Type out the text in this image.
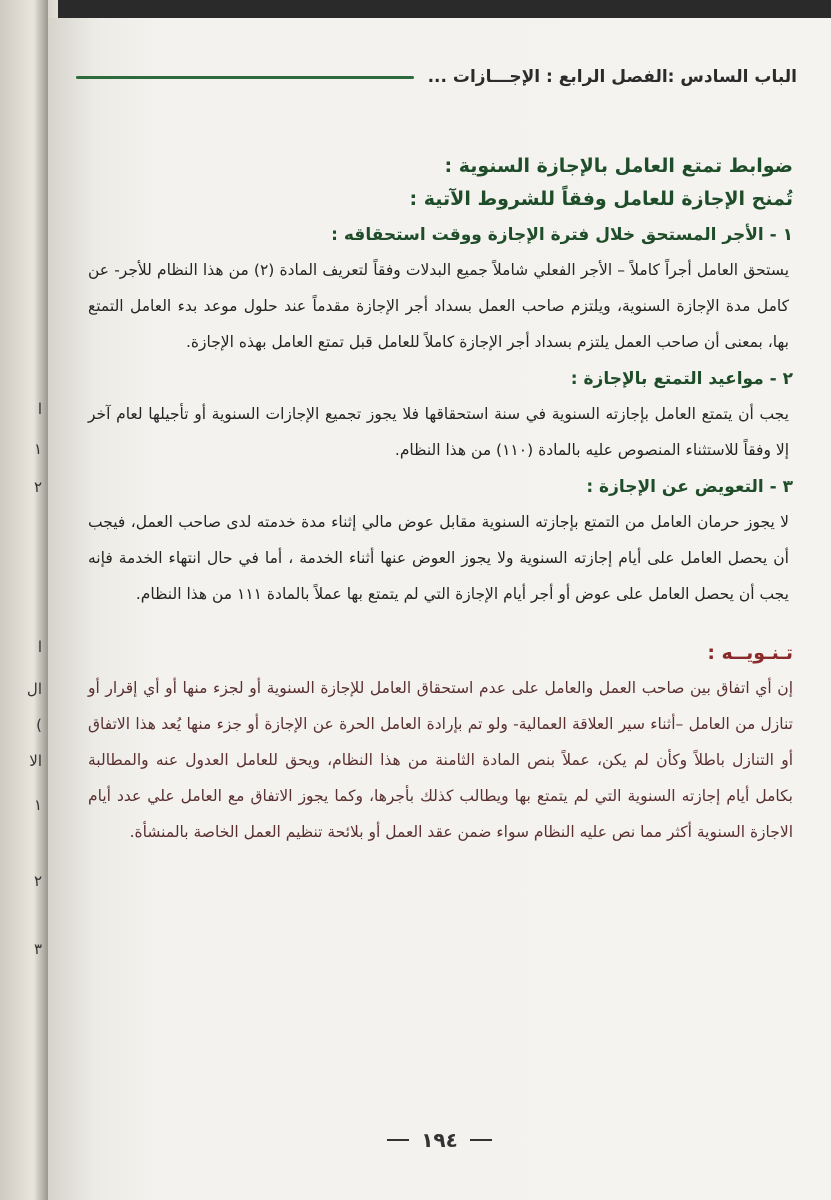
ا
١
٢
ا
ال
(
الا
١
٢
٣
الباب السادس :الفصل الرابع : الإجـــازات ...
ضوابط تمتع العامل بالإجازة السنوية :
تُمنح الإجازة للعامل وفقاً للشروط الآتية :
١ - الأجر المستحق خلال فترة الإجازة ووقت استحقاقه :

يستحق العامل أجراً كاملاً – الأجر الفعلي شاملاً جميع البدلات وفقاً لتعريف المادة (٢) من هذا النظام للأجر- عن كامل مدة الإجازة السنوية، ويلتزم صاحب العمل بسداد أجر الإجازة مقدماً عند حلول موعد بدء العامل التمتع بها، بمعنى أن صاحب العمل يلتزم بسداد أجر الإجازة كاملاً للعامل قبل تمتع العامل بهذه الإجازة.

٢ - مواعيد التمتع بالإجازة :

يجب أن يتمتع العامل بإجازته السنوية في سنة استحقاقها فلا يجوز تجميع الإجازات السنوية أو تأجيلها لعام آخر إلا وفقاً للاستثناء المنصوص عليه بالمادة (١١٠) من هذا النظام.

٣ - التعويض عن الإجازة :

لا يجوز حرمان العامل من التمتع بإجازته السنوية مقابل عوض مالي إثناء مدة خدمته لدى صاحب العمل، فيجب أن يحصل العامل على أيام إجازته السنوية ولا يجوز العوض عنها أثناء الخدمة ، أما في حال انتهاء الخدمة فإنه يجب أن يحصل العامل على عوض أو أجر أيام الإجازة التي لم يتمتع بها عملاً بالمادة ١١١ من هذا النظام.

تـنـويــه :

إن أي اتفاق بين صاحب العمل والعامل على عدم استحقاق العامل للإجازة السنوية أو لجزء منها أو أي إقرار أو تنازل من العامل –أثناء سير العلاقة العمالية- ولو تم بإرادة العامل الحرة عن الإجازة أو جزء منها يُعد هذا الاتفاق أو التنازل باطلاً وكأن لم يكن، عملاً بنص المادة الثامنة من هذا النظام، ويحق للعامل العدول عنه والمطالبة بكامل أيام إجازته السنوية التي لم يتمتع بها ويطالب كذلك بأجرها، وكما يجوز الاتفاق مع العامل علي عدد أيام الاجازة السنوية أكثر مما نص عليه النظام سواء ضمن عقد العمل أو بلائحة تنظيم العمل الخاصة بالمنشأة.

١٩٤
